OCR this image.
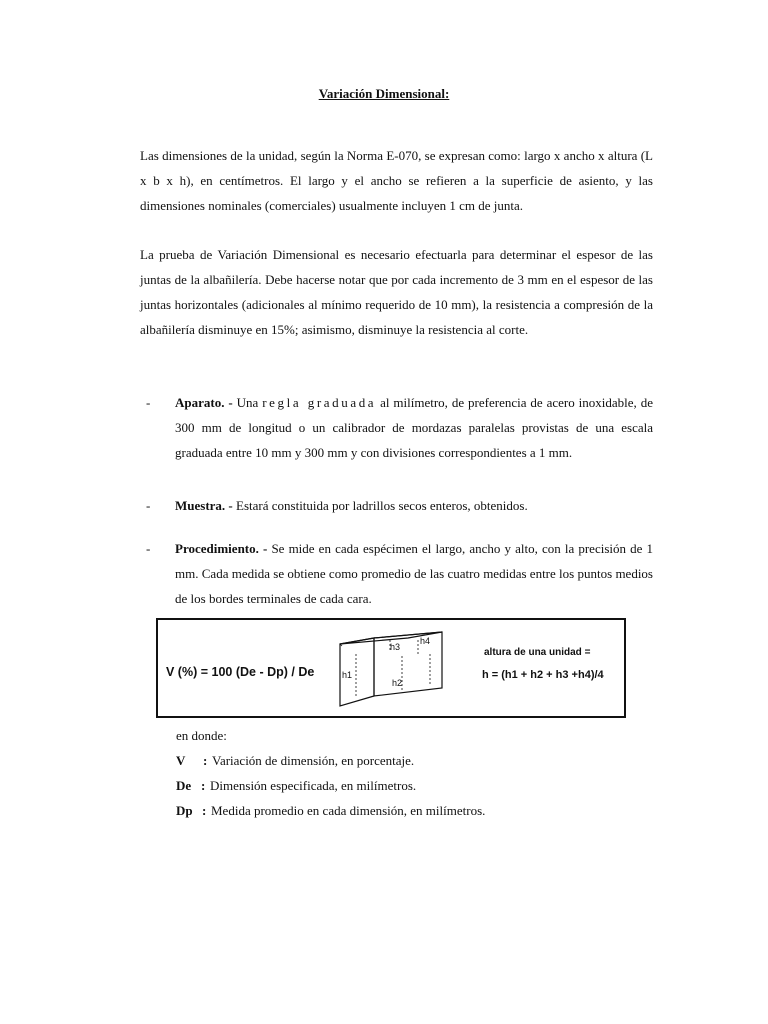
Variación Dimensional:

Las dimensiones de la unidad, según la Norma E-070, se expresan como: largo x ancho x altura (L x b x h), en centímetros. El largo y el ancho se refieren a la superficie de asiento, y las dimensiones nominales (comerciales) usualmente incluyen 1 cm de junta.

La prueba de Variación Dimensional es necesario efectuarla para determinar el espesor de las juntas de la albañilería. Debe hacerse notar que por cada incremento de 3 mm en el espesor de las juntas horizontales (adicionales al mínimo requerido de 10 mm), la resistencia a compresión de la albañilería disminuye en 15%; asimismo, disminuye la resistencia al corte.

- Aparato. - Una regla graduada al milímetro, de preferencia de acero inoxidable, de 300 mm de longitud o un calibrador de mordazas paralelas provistas de una escala graduada entre 10 mm y 300 mm y con divisiones correspondientes a 1 mm.

- Muestra. - Estará constituida por ladrillos secos enteros, obtenidos.

- Procedimiento. - Se mide en cada espécimen el largo, ancho y alto, con la precisión de 1 mm. Cada medida se obtiene como promedio de las cuatro medidas entre los puntos medios de los bordes terminales de cada cara.

V (%) = 100 (De - Dp) / De	h1
h2
h3
h4
altura de una unidad =
h = (h1 + h2 + h3 +h4)/4
en donde:
V : Variación de dimensión, en porcentaje.
De : Dimensión especificada, en milímetros.
Dp : Medida promedio en cada dimensión, en milímetros.
